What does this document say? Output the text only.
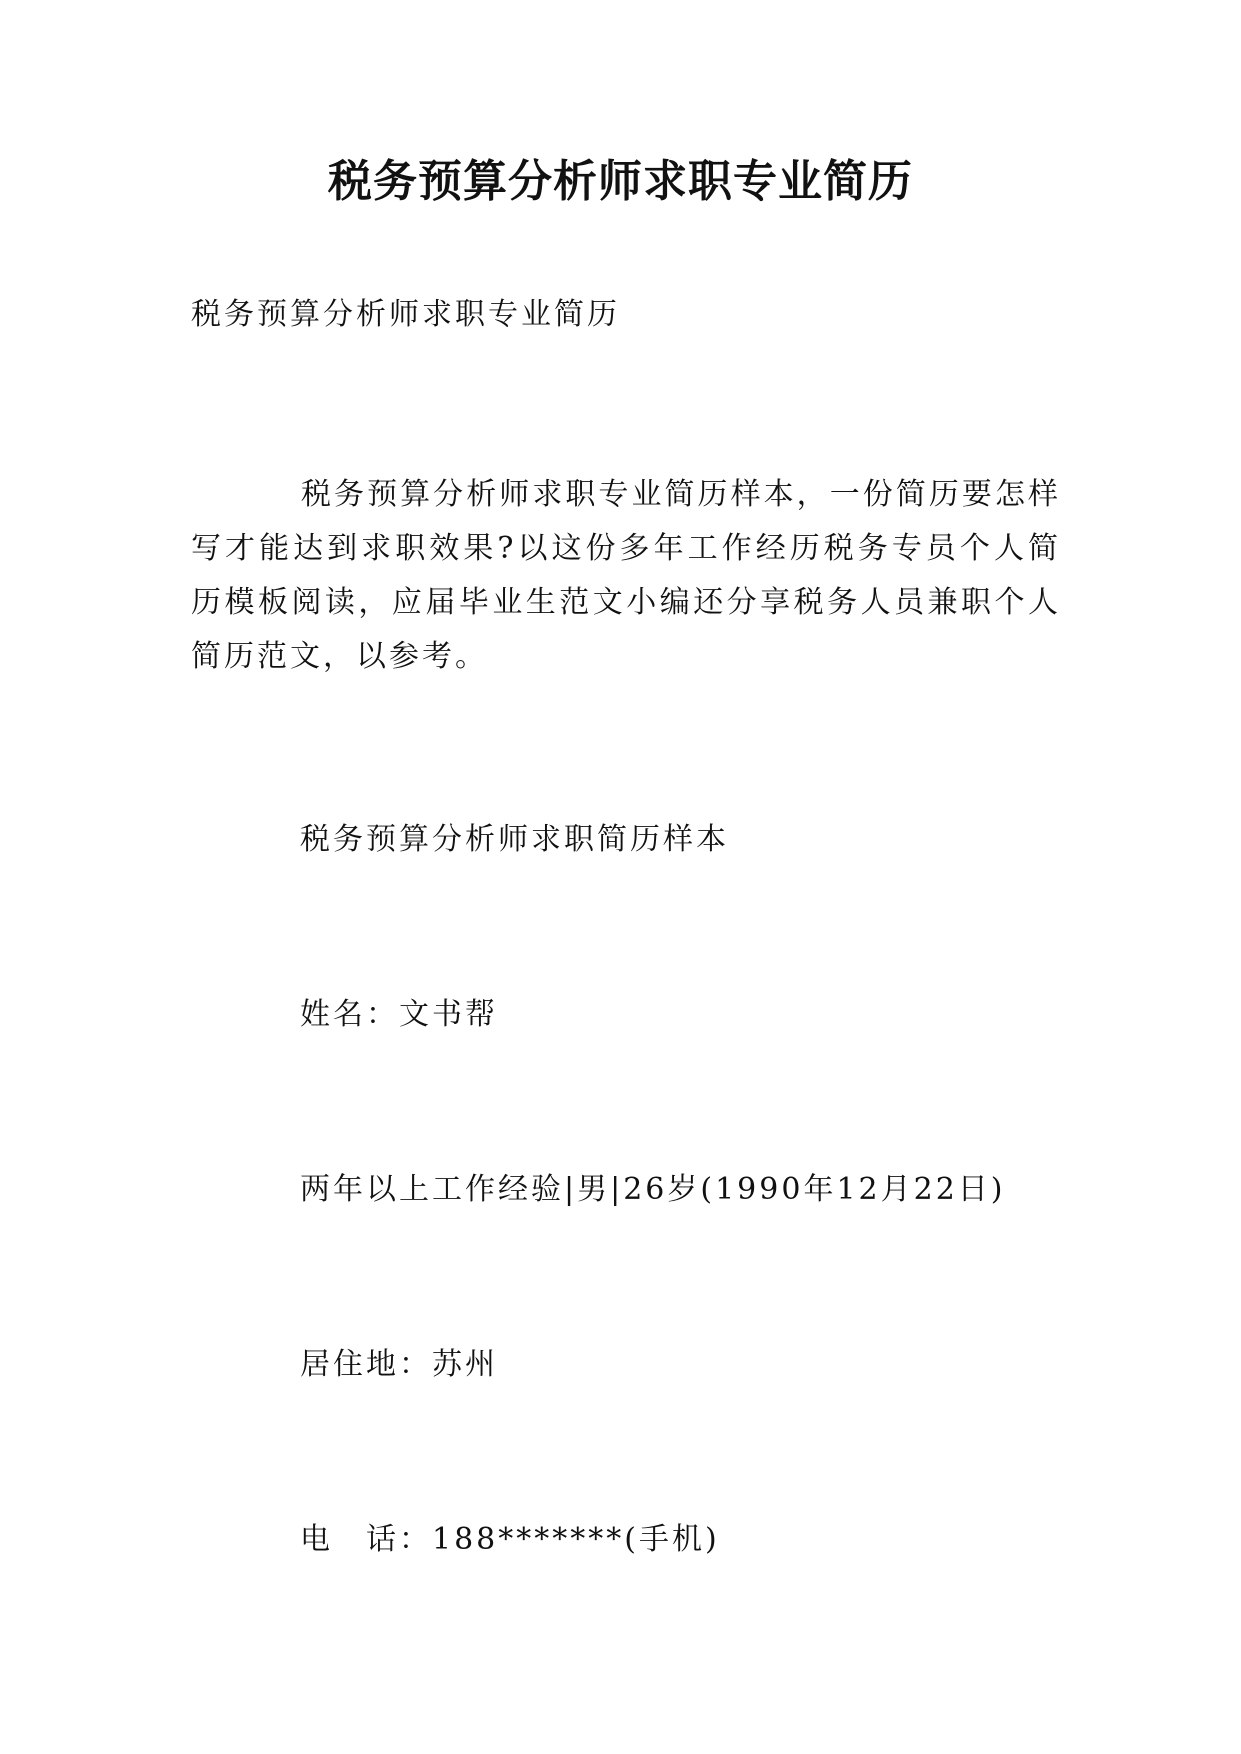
税务预算分析师求职专业简历

税务预算分析师求职专业简历

税务预算分析师求职专业简历样本，一份简历要怎样写才能达到求职效果?以这份多年工作经历税务专员个人简历模板阅读，应届毕业生范文小编还分享税务人员兼职个人简历范文，以参考。

税务预算分析师求职简历样本

姓名：文书帮

两年以上工作经验|男|26岁(1990年12月22日)

居住地：苏州

电　话：188*******(手机)
